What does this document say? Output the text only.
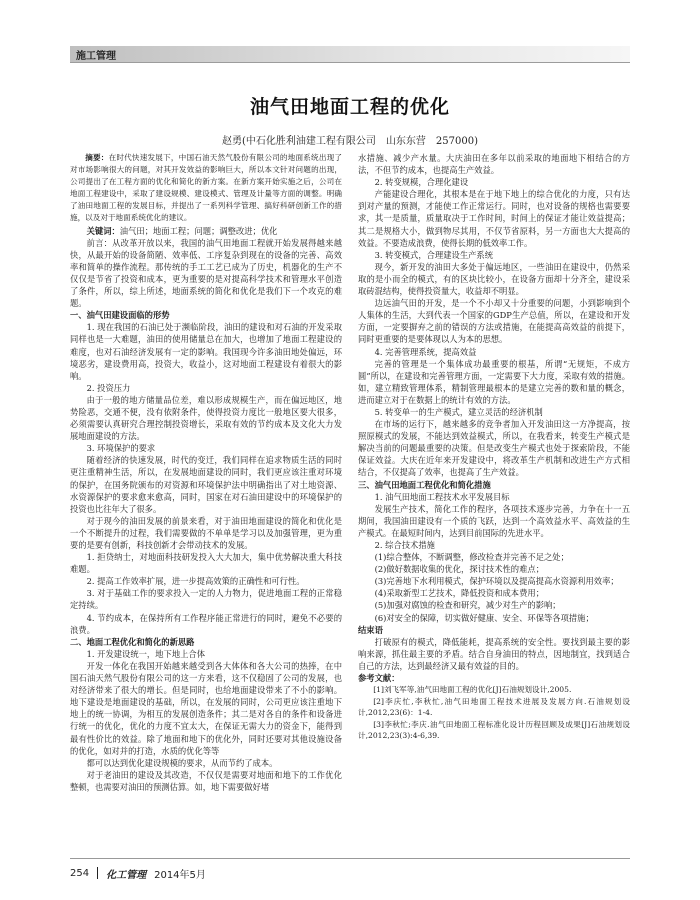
施工管理
油气田地面工程的优化
赵勇(中石化胜利油建工程有限公司　山东东营　257000)

摘要：在时代快速发展下，中国石油天然气股份有限公司的地面系统出现了对市场影响很大的问题，对其开发效益的影响巨大，所以本文针对问题的出现，公司提出了在工程方面的优化和简化的新方案。在新方案开始实施之后，公司在地面工程建设中，采取了建设规模、建设模式、管理及计量等方面的调整。明确了油田地面工程的发展目标，并提出了一系列科学管理、搞好科研创新工作的措施，以及对于地面系统优化的建议。

关键词：油气田；地面工程；问题；调整改进；优化

前言：从改革开放以来，我国的油气田地面工程就开始发展得越来越快，从最开始的设备简陋、效率低、工序复杂到现在的设备的完善、高效率和简单的操作流程。那传统的手工工艺已成为了历史，机器化的生产不仅仅是节省了投资和成本，更为重要的是对提高科学技术和管理水平创造了条件，所以，综上所述，地面系统的简化和优化是我们下一个攻克的难题。

一、油气田建设面临的形势

1. 现在我国的石油已处于濒临阶段，油田的建设和对石油的开发采取同样也是一大难题，油田的使用储量总在加大，也增加了地面工程建设的难度，也对石油经济发展有一定的影响。我国现今许多油田地处偏远，环境恶劣，建设费用高，投资大，收益小，这对地面工程建设有着很大的影响。

2. 投资压力

由于一般的地方储量品位差，难以形成规模生产，而在偏远地区，地势险恶，交通不便，没有依附条件，使得投资力度比一般地区要大很多，必须需要认真研究合理控制投资增长，采取有效的节约成本及文化大力发展地面建设的方法。

3. 环境保护的要求

随着经济的快速发展，时代的变迁，我们同样在追求物质生活的同时更注重精神生活，所以，在发展地面建设的同时，我们更应该注重对环境的保护，在国务院颁布的对资源和环境保护法中明确指出了对土地资源、水资源保护的要求愈来愈高，同时，国家在对石油田建设中的环境保护的投资也比往年大了很多。

对于现今的油田发展的前景来看，对于油田地面建设的简化和优化是一个不断提升的过程，我们需要做的不单单是学习以及加强管理，更为重要的是要有创新，科技创新才会带动技术的发展。

1. 拒贷纳士，对地面科技研发投入大大加大，集中优势解决重大科技难题。

2. 提高工作效率扩展，进一步提高效策的正确性和可行性。

3. 对于基础工作的要求投入一定的人力物力，促进地面工程的正常稳定持续。

4. 节约成本，在保持所有工作程序能正常进行的同时，避免不必要的浪费。

二、地面工程优化和简化的新思路

1. 开发建设统一，地下地上合体

开发一体化在我国开始越来越受到各大体体和各大公司的热捧，在中国石油天然气股份有限公司的这一方来看，这不仅稳固了公司的发展，也对经济带来了很大的增长。但是同时，也给地面建设带来了不小的影响。地下建设是地面建设的基础，所以，在发展的同时，公司更应该注重地下地上的统一协调，为相互的发展创造条件；其二是对各自的条件和设备进行统一的优化，优化的力度不宜太大，在保证无需大力的资金下，能得到最有性价比的效益。除了地面和地下的优化外，同时还要对其他设施设备的优化，如对并的打造，水质的优化等等

都可以达到优化建设规模的要求，从而节约了成本。

对于老油田的建设及其改造，不仅仅是需要对地面和地下的工作优化整顿，也需要对油田的预测估算。如，地下需要做好堵

水措施、减少产水量。大庆油田在多年以前采取的地面地下相结合的方法，不但节约成本，也提高生产效益。

2. 转变规模，合理化建设

产能建设合理化，其根本是在于地下地上的综合优化的力度，只有达到对产量的预测，才能使工作正常运行。同时，也对设备的规格也需要要求，其一是质量，质量取决于工作时间，时间上的保证才能让效益提高；其二是规格大小，做到物尽其用，不仅节省原料，另一方面也大大提高的效益。不要造成浪费，使得长期的低效率工作。

3. 转变模式，合理建设生产系统

现今，新开发的油田大多处于偏远地区，一些油田在建设中，仍然采取的是小而全的模式，有的区块比较小，在设备方面却十分齐全，建设采取砖混结构，使得投资量大，收益却不明显。

边远油气田的开发，是一个不小却又十分重要的问题，小到影响到个人集体的生活，大到代表一个国家的GDP生产总值，所以，在建设和开发方面，一定要摒弃之前的错误的方法或措施，在能提高高效益的前提下，同时更重要的是要体现以人为本的思想。

4. 完善管理系统，提高效益

完善的管理是一个集体成功最重要的根基，所谓“无规矩，不成方圆”所以，在建设和完善管理方面，一定需要下大力度，采取有效的措施。如，建立精致管理体系，精制管理最根本的是建立完善的数和量的概念，进而建立对于在数据上的统计有效的方法。

5. 转变单一的生产模式，建立灵活的经济机制

在市场的运行下，越来越多的竞争者加入开发油田这一方净提高，按照原模式的发展，不能达到效益模式，所以，在我看来，转变生产模式是解决当前的问题最重要的决策。但是改变生产模式也处于探索阶段，不能保证效益。大庆在近年来开发建设中，将改革生产机制和改进生产方式相结合，不仅提高了效率，也提高了生产效益。

三、油气田地面工程优化和简化措施

1. 油气田地面工程技术水平发展目标

发展生产技术，简化工作的程序，各项技术逐步完善，力争在十一五期间，我国油田建设有一个质的飞跃，达到一个高效益水平、高效益的生产模式。在最短时间内，达到目前国际的先进水平。

2. 综合技术措施

(1)综合整体，不断调整，修改检查并完善不足之处；

(2)做好数据收集的优化，探讨技术性的难点；

(3)完善地下水利用模式，保护环境以及提高提高水资源利用效率；

(4)采取新型工艺技术，降低投资和成本费用；

(5)加强对腐蚀的检查和研究，减少对生产的影响；

(6)对安全的保障，切实做好健康、安全、环保等各项措施；

结束语

打破原有的模式，降低能耗，提高系统的安全性。要找到最主要的影响来源，抓住最主要的矛盾。结合自身油田的特点，因地制宜，找到适合自己的方法，达到最经济又最有效益的目的。

参考文献：

[1]刘飞军等,油气田地面工程的优化[J]石油规划设计,2005.

[2]李庆忙,李秋忙,油气田地面工程技术进展及发展方向.石油规划设计,2012,23(6)：1-4.

[3]李秋忙;李庆.油气田地面工程标准化设计历程回顾及成果[J]石油规划设计,2012,23(3):4-6,39.

254 化工管理 2014年5月
